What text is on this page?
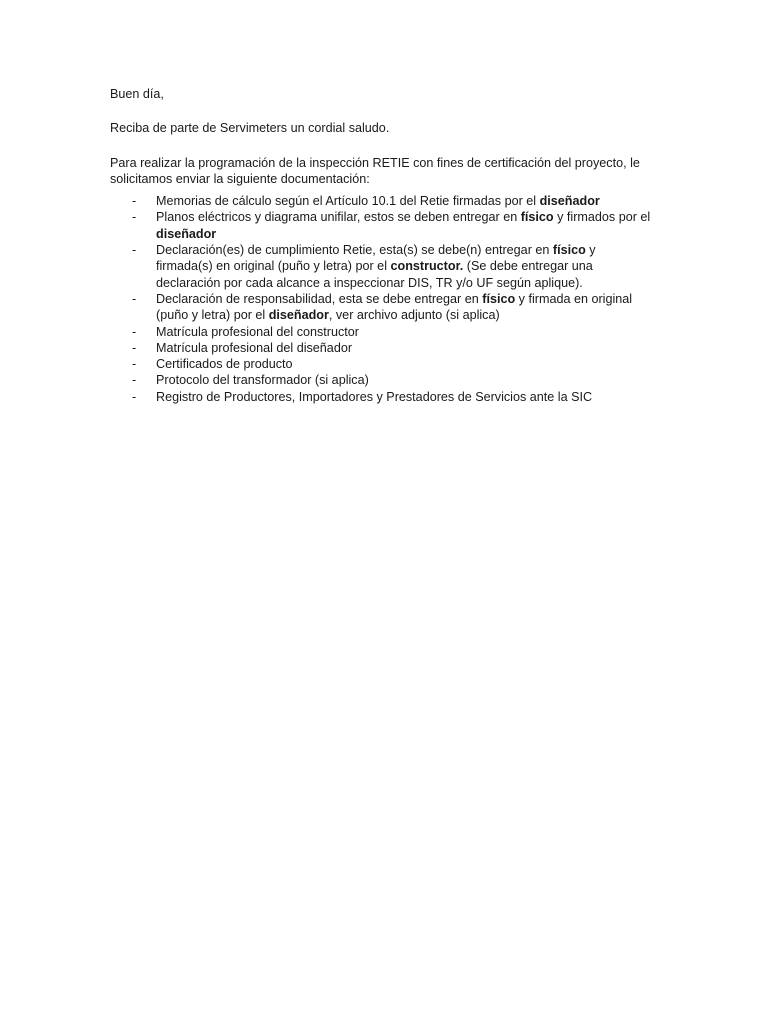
Buen día,

Reciba de parte de Servimeters un cordial saludo.

Para realizar la programación de la inspección RETIE con fines de certificación del proyecto, le solicitamos enviar la siguiente documentación:

- Memorias de cálculo según el Artículo 10.1 del Retie firmadas por el diseñador
- Planos eléctricos y diagrama unifilar, estos se deben entregar en físico y firmados por el diseñador
- Declaración(es) de cumplimiento Retie, esta(s) se debe(n) entregar en físico y firmada(s) en original (puño y letra) por el constructor. (Se debe entregar una declaración por cada alcance a inspeccionar DIS, TR y/o UF según aplique).
- Declaración de responsabilidad, esta se debe entregar en físico y firmada en original (puño y letra) por el diseñador, ver archivo adjunto (si aplica)
- Matrícula profesional del constructor
- Matrícula profesional del diseñador
- Certificados de producto
- Protocolo del transformador (si aplica)
- Registro de Productores, Importadores y Prestadores de Servicios ante la SIC
